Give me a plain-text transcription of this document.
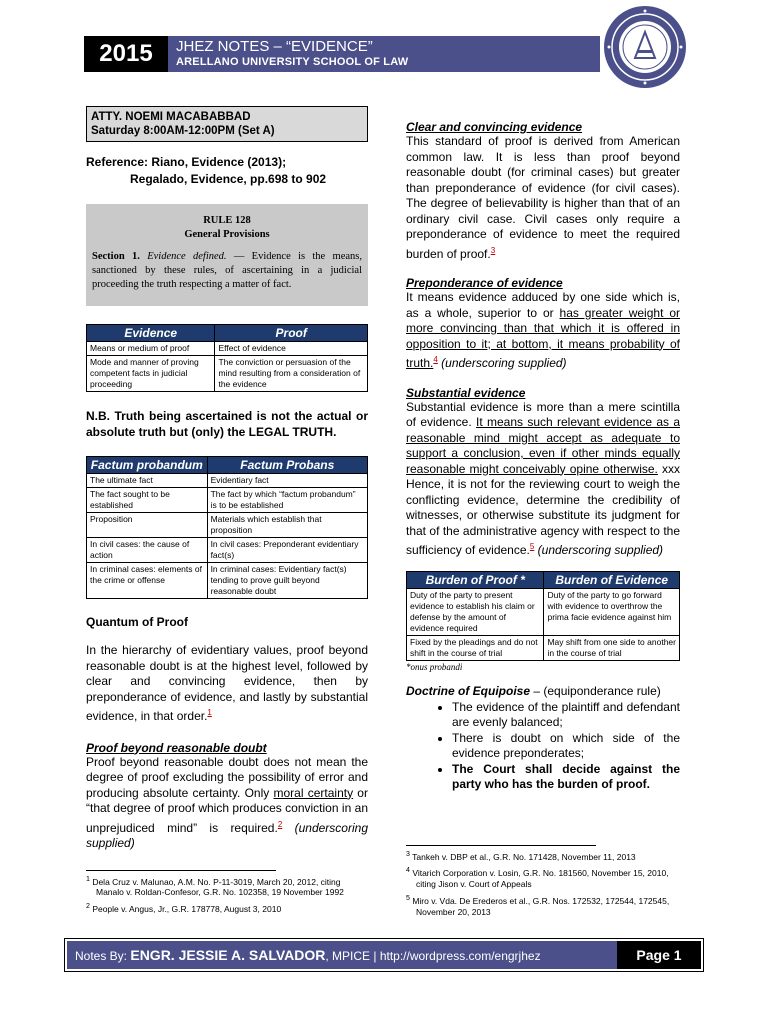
2015	JHEZ NOTES – “EVIDENCE”
ARELLANO UNIVERSITY SCHOOL OF LAW
ATTY. NOEMI MACABABBAD
Saturday 8:00AM-12:00PM (Set A)
Reference: Riano, Evidence (2013);
Regalado, Evidence, pp.698 to 902
RULE 128
General Provisions

Section 1. Evidence defined. — Evidence is the means, sanctioned by these rules, of ascertaining in a judicial proceeding the truth respecting a matter of fact.

Evidence	Proof
Means or medium of proof	Effect of evidence
Mode and manner of proving competent facts in judicial proceeding	The conviction or persuasion of the mind resulting from a consideration of the evidence
N.B. Truth being ascertained is not the actual or absolute truth but (only) the LEGAL TRUTH.
Factum probandum	Factum Probans
The ultimate fact	Evidentiary fact
The fact sought to be established	The fact by which “factum probandum” is to be established
Proposition	Materials which establish that proposition
In civil cases: the cause of action	In civil cases: Preponderant evidentiary fact(s)
In criminal cases: elements of the crime or offense	In criminal cases: Evidentiary fact(s) tending to prove guilt beyond reasonable doubt
Quantum of Proof
In the hierarchy of evidentiary values, proof beyond reasonable doubt is at the highest level, followed by clear and convincing evidence, then by preponderance of evidence, and lastly by substantial evidence, in that order.$^1$
Proof beyond reasonable doubt
Proof beyond reasonable doubt does not mean the degree of proof excluding the possibility of error and producing absolute certainty. Only moral certainty or “that degree of proof which produces conviction in an unprejudiced mind” is required.$^2$ (underscoring supplied)
$^1$ Dela Cruz v. Malunao, A.M. No. P-11-3019, March 20, 2012, citing Manalo v. Roldan-Confesor, G.R. No. 102358, 19 November 1992
$^2$ People v. Angus, Jr., G.R. 178778, August 3, 2010
Clear and convincing evidence
This standard of proof is derived from American common law. It is less than proof beyond reasonable doubt (for criminal cases) but greater than preponderance of evidence (for civil cases). The degree of believability is higher than that of an ordinary civil case. Civil cases only require a preponderance of evidence to meet the required burden of proof.$^3$
Preponderance of evidence
It means evidence adduced by one side which is, as a whole, superior to or has greater weight or more convincing than that which it is offered in opposition to it; at bottom, it means probability of truth.$^4$ (underscoring supplied)
Substantial evidence
Substantial evidence is more than a mere scintilla of evidence. It means such relevant evidence as a reasonable mind might accept as adequate to support a conclusion, even if other minds equally reasonable might conceivably opine otherwise. xxx Hence, it is not for the reviewing court to weigh the conflicting evidence, determine the credibility of witnesses, or otherwise substitute its judgment for that of the administrative agency with respect to the sufficiency of evidence.$^5$ (underscoring supplied)
Burden of Proof *	Burden of Evidence
Duty of the party to present evidence to establish his claim or defense by the amount of evidence required	Duty of the party to go forward with evidence to overthrow the prima facie evidence against him
Fixed by the pleadings and do not shift in the course of trial	May shift from one side to another in the course of trial
*onus probandi
Doctrine of Equipoise – (equiponderance rule)
• The evidence of the plaintiff and defendant are evenly balanced;
• There is doubt on which side of the evidence preponderates;
• The Court shall decide against the party who has the burden of proof.
$^3$ Tankeh v. DBP et al., G.R. No. 171428, November 11, 2013
$^4$ Vitarich Corporation v. Losin, G.R. No. 181560, November 15, 2010, citing Jison v. Court of Appeals
$^5$ Miro v. Vda. De Erederos et al., G.R. Nos. 172532, 172544, 172545, November 20, 2013
Notes By: ENGR. JESSIE A. SALVADOR, MPICE | http://wordpress.com/engrjhez	Page 1
